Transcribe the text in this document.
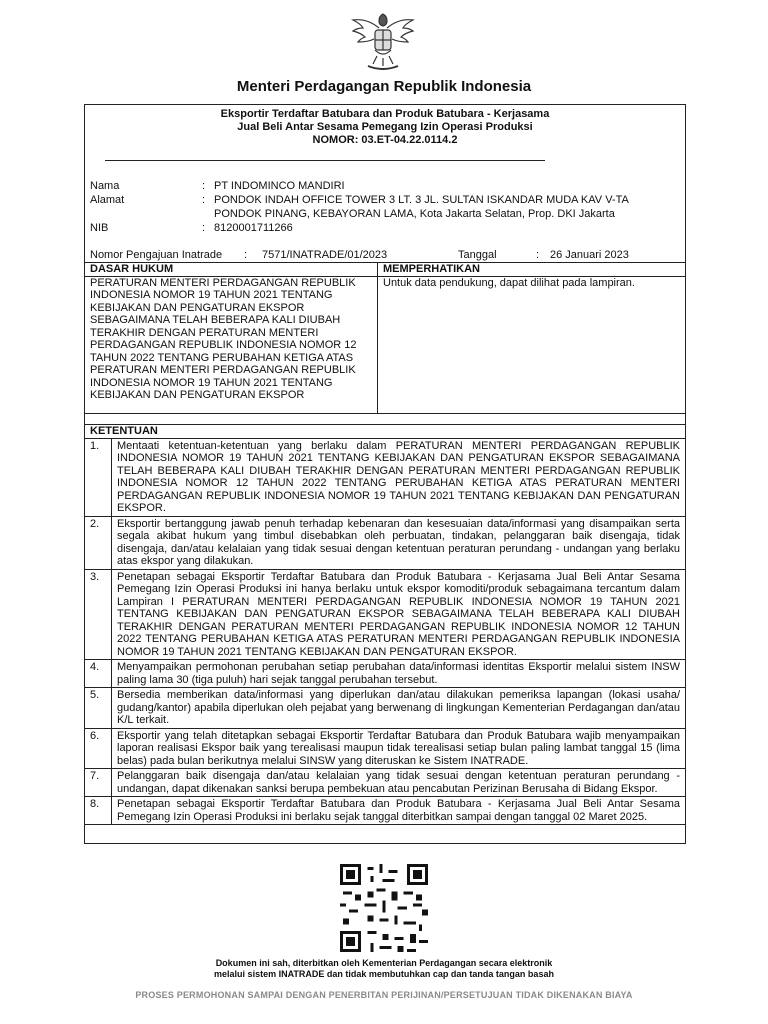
Menteri Perdagangan Republik Indonesia
Eksportir Terdaftar Batubara dan Produk Batubara - Kerjasama
Jual Beli Antar Sesama Pemegang Izin Operasi Produksi
NOMOR: 03.ET-04.22.0114.2
Nama	: PT INDOMINCO MANDIRI
Alamat	: PONDOK INDAH OFFICE TOWER 3 LT. 3 JL. SULTAN ISKANDAR MUDA KAV V-TA
PONDOK PINANG, KEBAYORAN LAMA, Kota Jakarta Selatan, Prop. DKI Jakarta
NIB	: 8120001711266
Nomor Pengajuan Inatrade : 7571/INATRADE/01/2023	Tanggal	: 26 Januari 2023
DASAR HUKUM	MEMPERHATIKAN
PERATURAN MENTERI PERDAGANGAN REPUBLIK INDONESIA NOMOR 19 TAHUN 2021 TENTANG KEBIJAKAN DAN PENGATURAN EKSPOR SEBAGAIMANA TELAH BEBERAPA KALI DIUBAH TERAKHIR DENGAN PERATURAN MENTERI PERDAGANGAN REPUBLIK INDONESIA NOMOR 12 TAHUN 2022 TENTANG PERUBAHAN KETIGA ATAS PERATURAN MENTERI PERDAGANGAN REPUBLIK INDONESIA NOMOR 19 TAHUN 2021 TENTANG KEBIJAKAN DAN PENGATURAN EKSPOR	Untuk data pendukung, dapat dilihat pada lampiran.
KETENTUAN	
1.	Mentaati ketentuan-ketentuan yang berlaku dalam PERATURAN MENTERI PERDAGANGAN REPUBLIK INDONESIA NOMOR 19 TAHUN 2021 TENTANG KEBIJAKAN DAN PENGATURAN EKSPOR SEBAGAIMANA TELAH BEBERAPA KALI DIUBAH TERAKHIR DENGAN PERATURAN MENTERI PERDAGANGAN REPUBLIK INDONESIA NOMOR 12 TAHUN 2022 TENTANG PERUBAHAN KETIGA ATAS PERATURAN MENTERI PERDAGANGAN REPUBLIK INDONESIA NOMOR 19 TAHUN 2021 TENTANG KEBIJAKAN DAN PENGATURAN EKSPOR.
2.	Eksportir bertanggung jawab penuh terhadap kebenaran dan kesesuaian data/informasi yang disampaikan serta segala akibat hukum yang timbul disebabkan oleh perbuatan, tindakan, pelanggaran baik disengaja, tidak disengaja, dan/atau kelalaian yang tidak sesuai dengan ketentuan peraturan perundang - undangan yang berlaku atas ekspor yang dilakukan.
3.	Penetapan sebagai Eksportir Terdaftar Batubara dan Produk Batubara - Kerjasama Jual Beli Antar Sesama Pemegang Izin Operasi Produksi ini hanya berlaku untuk ekspor komoditi/produk sebagaimana tercantum dalam Lampiran I PERATURAN MENTERI PERDAGANGAN REPUBLIK INDONESIA NOMOR 19 TAHUN 2021 TENTANG KEBIJAKAN DAN PENGATURAN EKSPOR SEBAGAIMANA TELAH BEBERAPA KALI DIUBAH TERAKHIR DENGAN PERATURAN MENTERI PERDAGANGAN REPUBLIK INDONESIA NOMOR 12 TAHUN 2022 TENTANG PERUBAHAN KETIGA ATAS PERATURAN MENTERI PERDAGANGAN REPUBLIK INDONESIA NOMOR 19 TAHUN 2021 TENTANG KEBIJAKAN DAN PENGATURAN EKSPOR.
4.	Menyampaikan permohonan perubahan setiap perubahan data/informasi identitas Eksportir melalui sistem INSW paling lama 30 (tiga puluh) hari sejak tanggal perubahan tersebut.
5.	Bersedia memberikan data/informasi yang diperlukan dan/atau dilakukan pemeriksa lapangan (lokasi usaha/ gudang/kantor) apabila diperlukan oleh pejabat yang berwenang di lingkungan Kementerian Perdagangan dan/atau K/L terkait.
6.	Eksportir yang telah ditetapkan sebagai Eksportir Terdaftar Batubara dan Produk Batubara wajib menyampaikan laporan realisasi Ekspor baik yang terealisasi maupun tidak terealisasi setiap bulan paling lambat tanggal 15 (lima belas) pada bulan berikutnya melalui SINSW yang diteruskan ke Sistem INATRADE.
7.	Pelanggaran baik disengaja dan/atau kelalaian yang tidak sesuai dengan ketentuan peraturan perundang - undangan, dapat dikenakan sanksi berupa pembekuan atau pencabutan Perizinan Berusaha di Bidang Ekspor.
8.	Penetapan sebagai Eksportir Terdaftar Batubara dan Produk Batubara - Kerjasama Jual Beli Antar Sesama Pemegang Izin Operasi Produksi ini berlaku sejak tanggal diterbitkan sampai dengan tanggal 02 Maret 2025.
Dokumen ini sah, diterbitkan oleh Kementerian Perdagangan secara elektronik
melalui sistem INATRADE dan tidak membutuhkan cap dan tanda tangan basah
PROSES PERMOHONAN SAMPAI DENGAN PENERBITAN PERIJINAN/PERSETUJUAN TIDAK DIKENAKAN BIAYA
